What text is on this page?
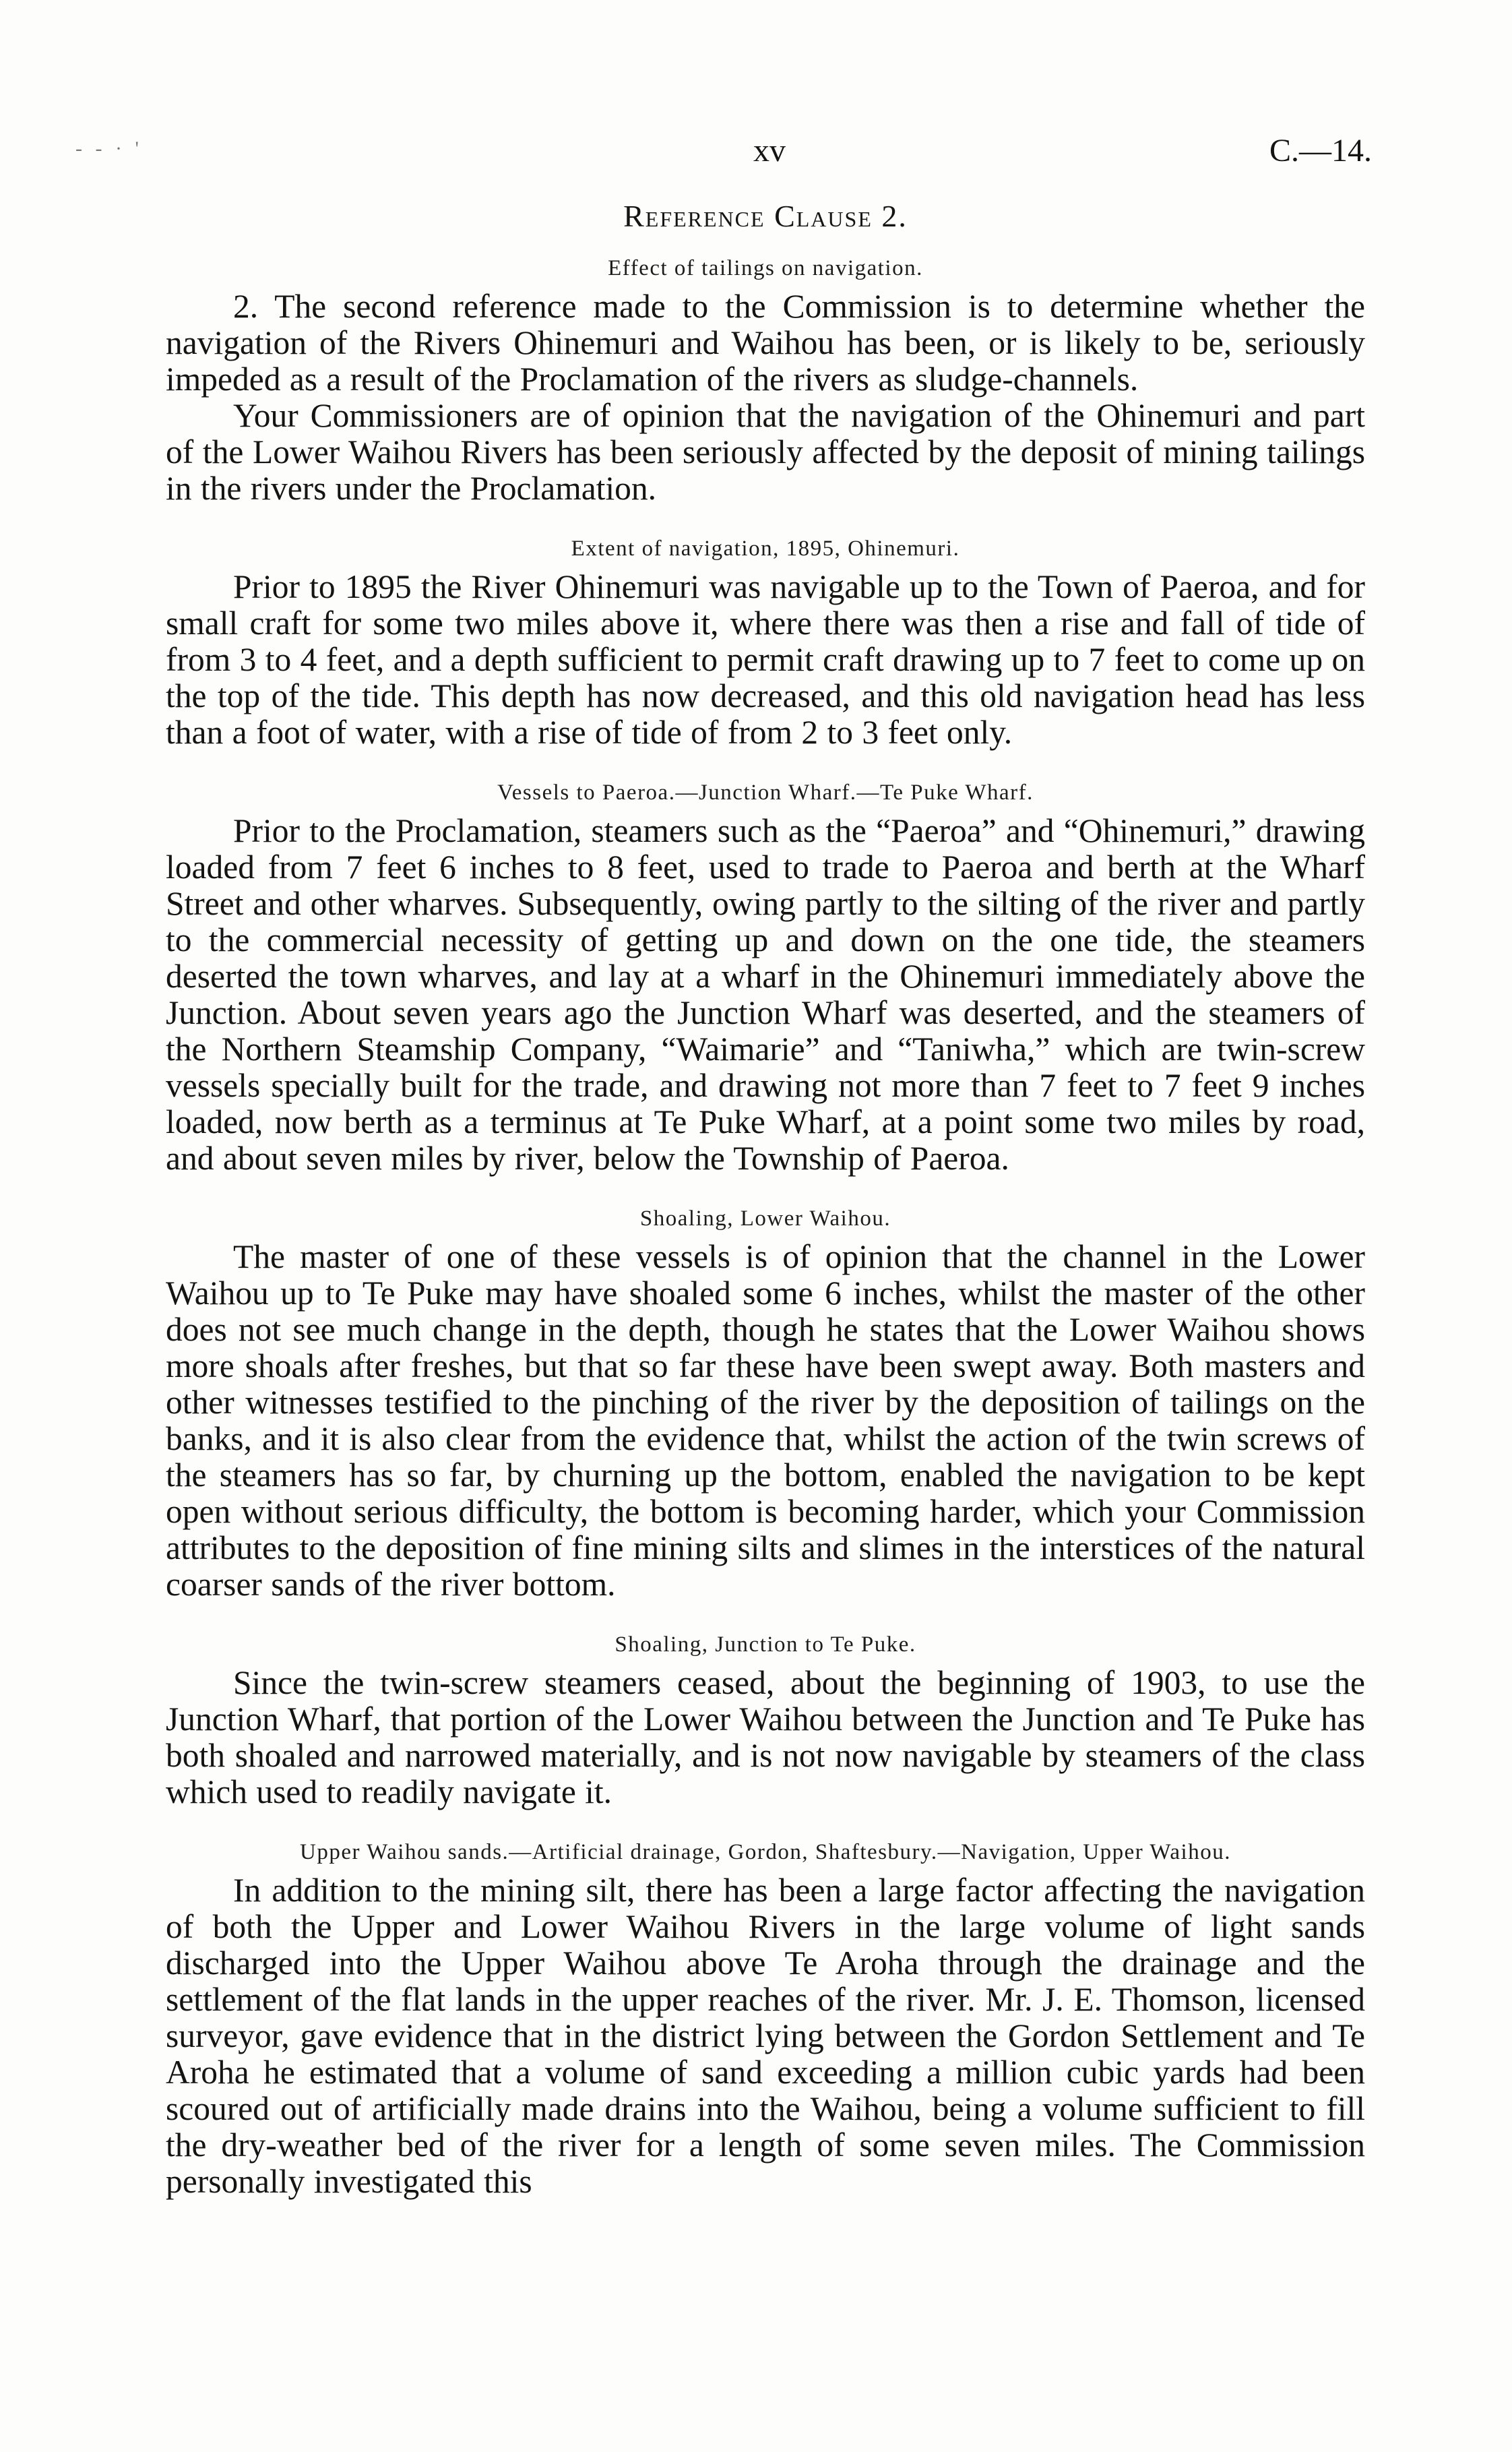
- - · '	xv	C.—14.
Reference Clause 2.
Effect of tailings on navigation.

2. The second reference made to the Commission is to determine whether the navigation of the Rivers Ohinemuri and Waihou has been, or is likely to be, seriously impeded as a result of the Proclamation of the rivers as sludge-channels.

Your Commissioners are of opinion that the navigation of the Ohinemuri and part of the Lower Waihou Rivers has been seriously affected by the deposit of mining tailings in the rivers under the Proclamation.

Extent of navigation, 1895, Ohinemuri.

Prior to 1895 the River Ohinemuri was navigable up to the Town of Paeroa, and for small craft for some two miles above it, where there was then a rise and fall of tide of from 3 to 4 feet, and a depth sufficient to permit craft drawing up to 7 feet to come up on the top of the tide. This depth has now decreased, and this old navigation head has less than a foot of water, with a rise of tide of from 2 to 3 feet only.

Vessels to Paeroa.—Junction Wharf.—Te Puke Wharf.

Prior to the Proclamation, steamers such as the “Paeroa” and “Ohinemuri,” drawing loaded from 7 feet 6 inches to 8 feet, used to trade to Paeroa and berth at the Wharf Street and other wharves. Subsequently, owing partly to the silting of the river and partly to the commercial necessity of getting up and down on the one tide, the steamers deserted the town wharves, and lay at a wharf in the Ohinemuri immediately above the Junction. About seven years ago the Junction Wharf was deserted, and the steamers of the Northern Steamship Company, “Waimarie” and “Taniwha,” which are twin-screw vessels specially built for the trade, and drawing not more than 7 feet to 7 feet 9 inches loaded, now berth as a terminus at Te Puke Wharf, at a point some two miles by road, and about seven miles by river, below the Township of Paeroa.

Shoaling, Lower Waihou.

The master of one of these vessels is of opinion that the channel in the Lower Waihou up to Te Puke may have shoaled some 6 inches, whilst the master of the other does not see much change in the depth, though he states that the Lower Waihou shows more shoals after freshes, but that so far these have been swept away. Both masters and other witnesses testified to the pinching of the river by the deposition of tailings on the banks, and it is also clear from the evidence that, whilst the action of the twin screws of the steamers has so far, by churning up the bottom, enabled the navigation to be kept open without serious difficulty, the bottom is becoming harder, which your Commission attributes to the deposition of fine mining silts and slimes in the interstices of the natural coarser sands of the river bottom.

Shoaling, Junction to Te Puke.

Since the twin-screw steamers ceased, about the beginning of 1903, to use the Junction Wharf, that portion of the Lower Waihou between the Junction and Te Puke has both shoaled and narrowed materially, and is not now navigable by steamers of the class which used to readily navigate it.

Upper Waihou sands.—Artificial drainage, Gordon, Shaftesbury.—Navigation, Upper Waihou.

In addition to the mining silt, there has been a large factor affecting the navigation of both the Upper and Lower Waihou Rivers in the large volume of light sands discharged into the Upper Waihou above Te Aroha through the drainage and the settlement of the flat lands in the upper reaches of the river. Mr. J. E. Thomson, licensed surveyor, gave evidence that in the district lying between the Gordon Settlement and Te Aroha he estimated that a volume of sand exceeding a million cubic yards had been scoured out of artificially made drains into the Waihou, being a volume sufficient to fill the dry-weather bed of the river for a length of some seven miles. The Commission personally investigated this
